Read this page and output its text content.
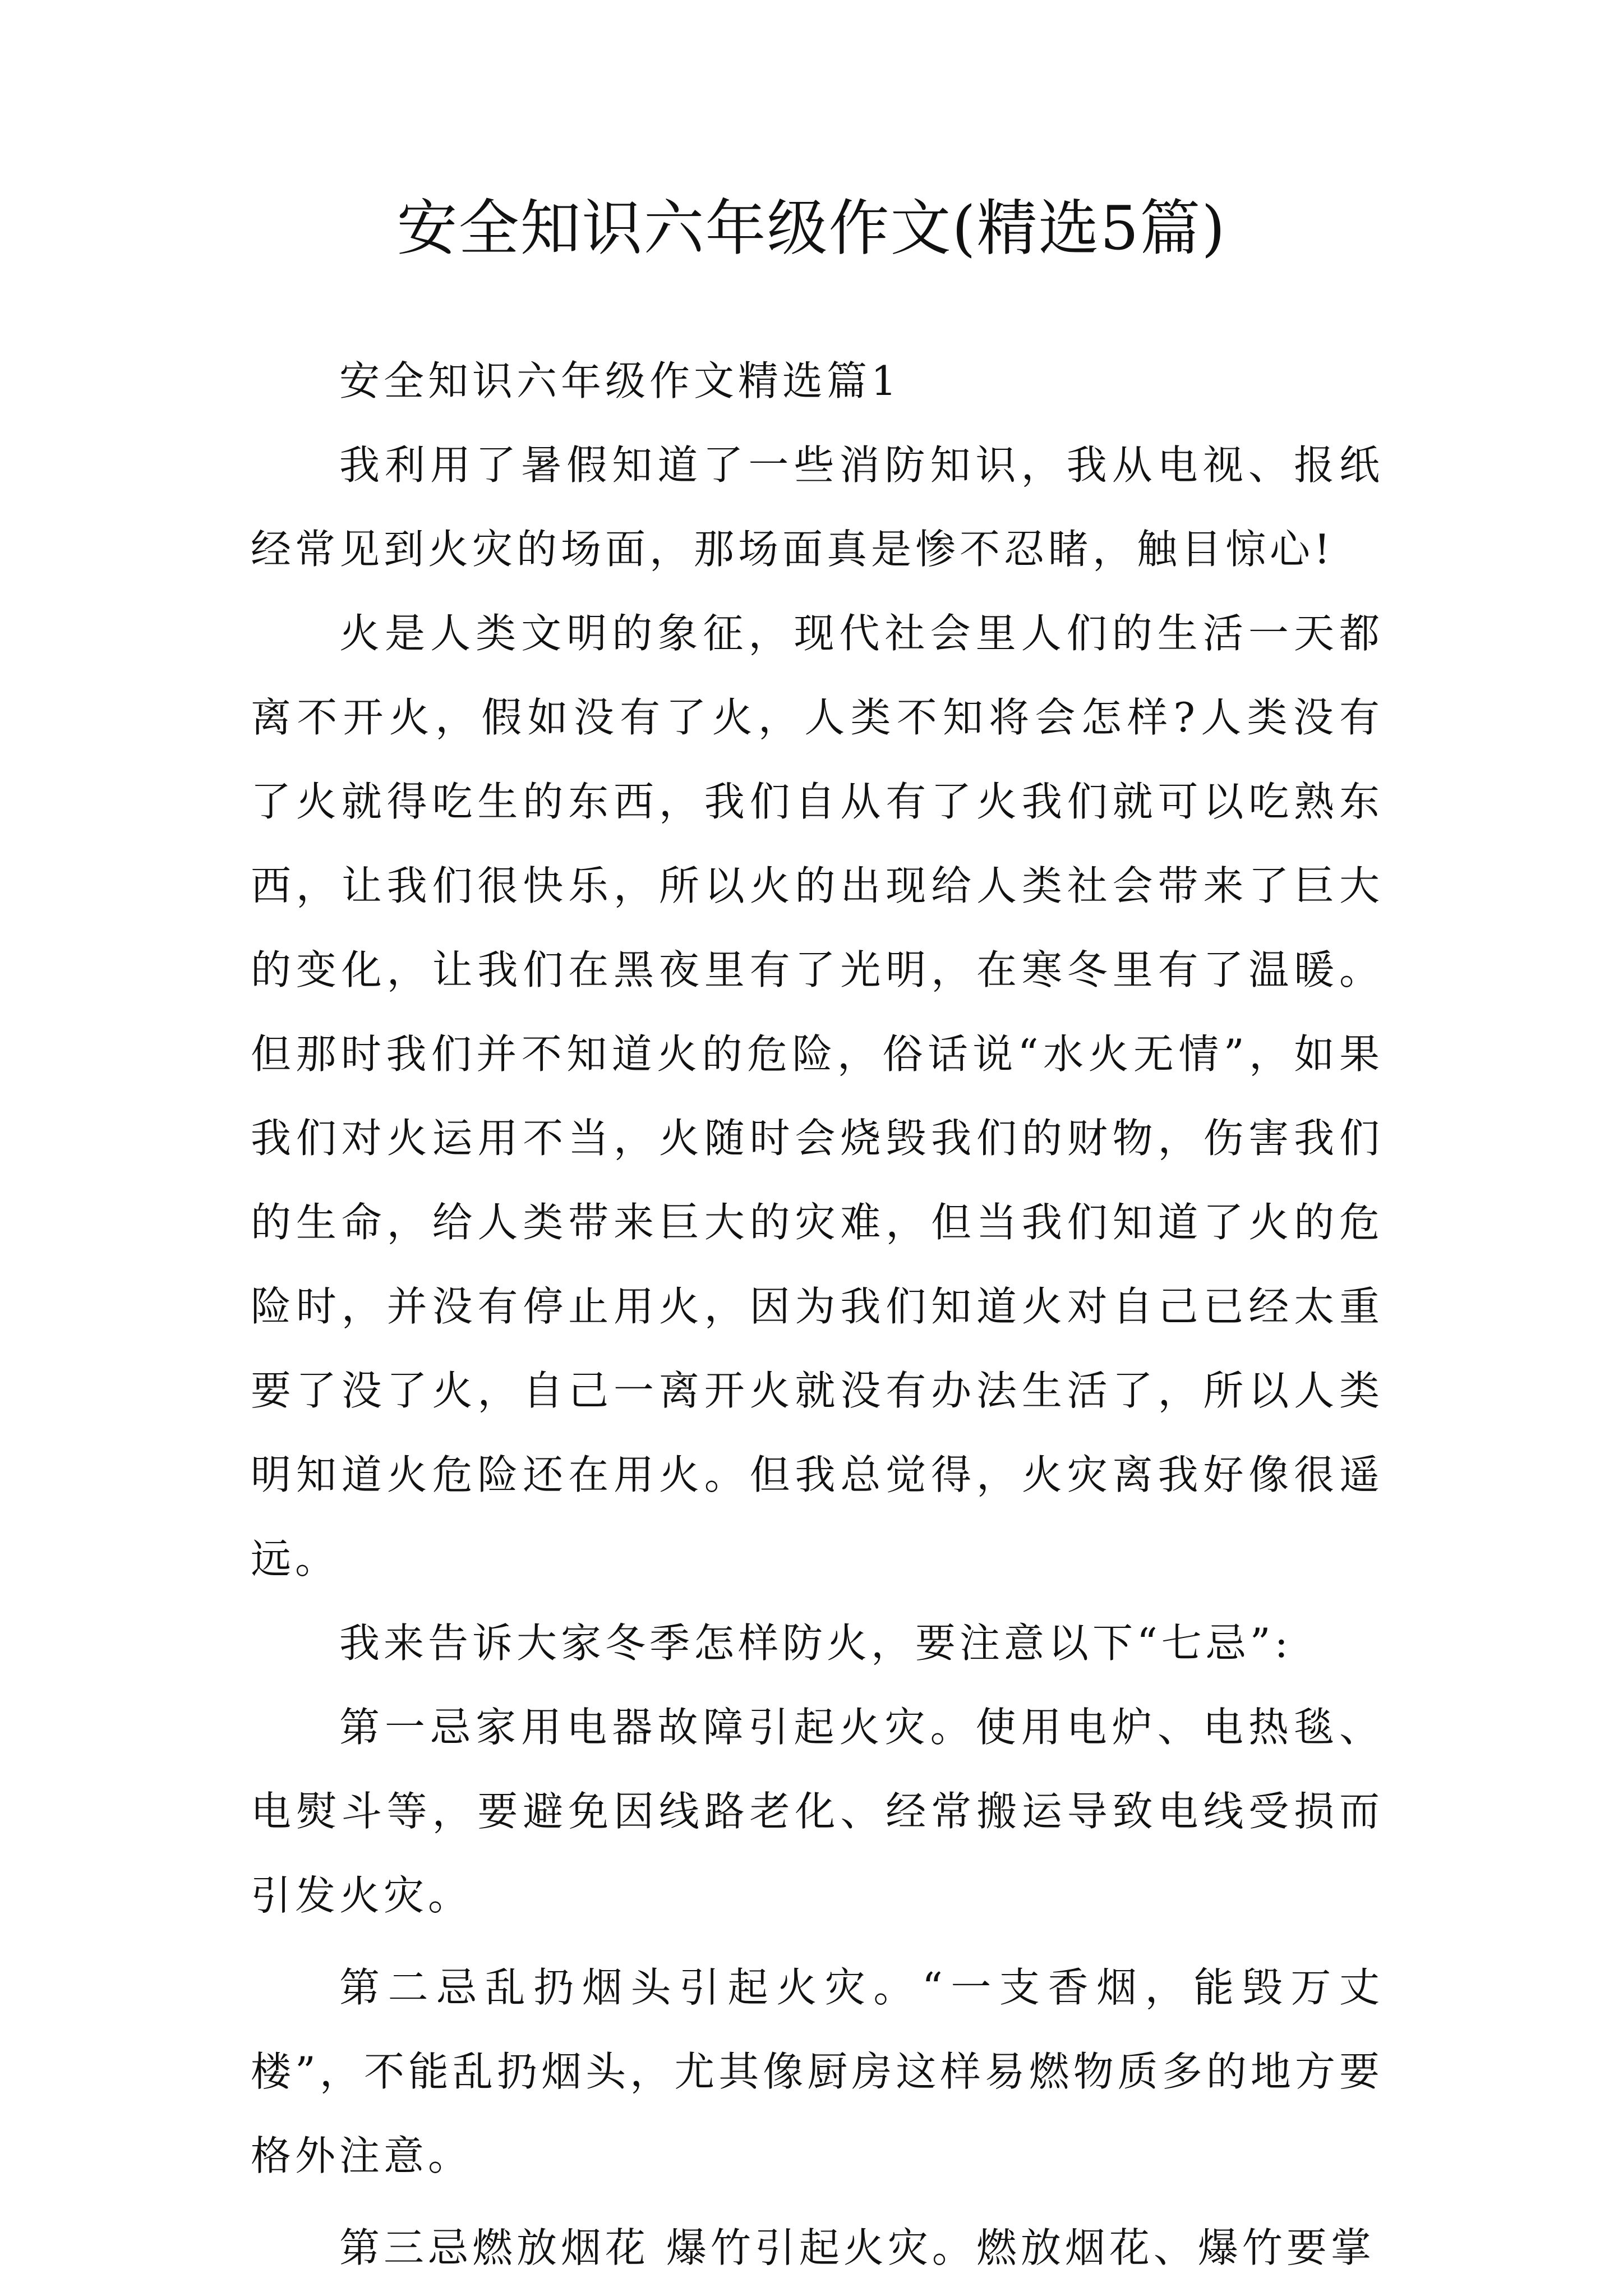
安全知识六年级作文(精选5篇)

安全知识六年级作文精选篇1

我利用了暑假知道了一些消防知识，我从电视、报纸经常见到火灾的场面，那场面真是惨不忍睹，触目惊心!

火是人类文明的象征，现代社会里人们的生活一天都离不开火，假如没有了火，人类不知将会怎样?人类没有了火就得吃生的东西，我们自从有了火我们就可以吃熟东西，让我们很快乐，所以火的出现给人类社会带来了巨大的变化，让我们在黑夜里有了光明，在寒冬里有了温暖。但那时我们并不知道火的危险，俗话说“水火无情”，如果我们对火运用不当，火随时会烧毁我们的财物，伤害我们的生命，给人类带来巨大的灾难，但当我们知道了火的危险时，并没有停止用火，因为我们知道火对自己已经太重要了没了火，自己一离开火就没有办法生活了，所以人类明知道火危险还在用火。但我总觉得，火灾离我好像很遥远。

我来告诉大家冬季怎样防火，要注意以下“七忌”:

第一忌家用电器故障引起火灾。使用电炉、电热毯、电熨斗等，要避免因线路老化、经常搬运导致电线受损而引发火灾。

第二忌乱扔烟头引起火灾。“一支香烟，能毁万丈楼”，不能乱扔烟头，尤其像厨房这样易燃物质多的地方要格外注意。

第三忌燃放烟花 爆竹引起火灾。燃放烟花、爆竹要掌
